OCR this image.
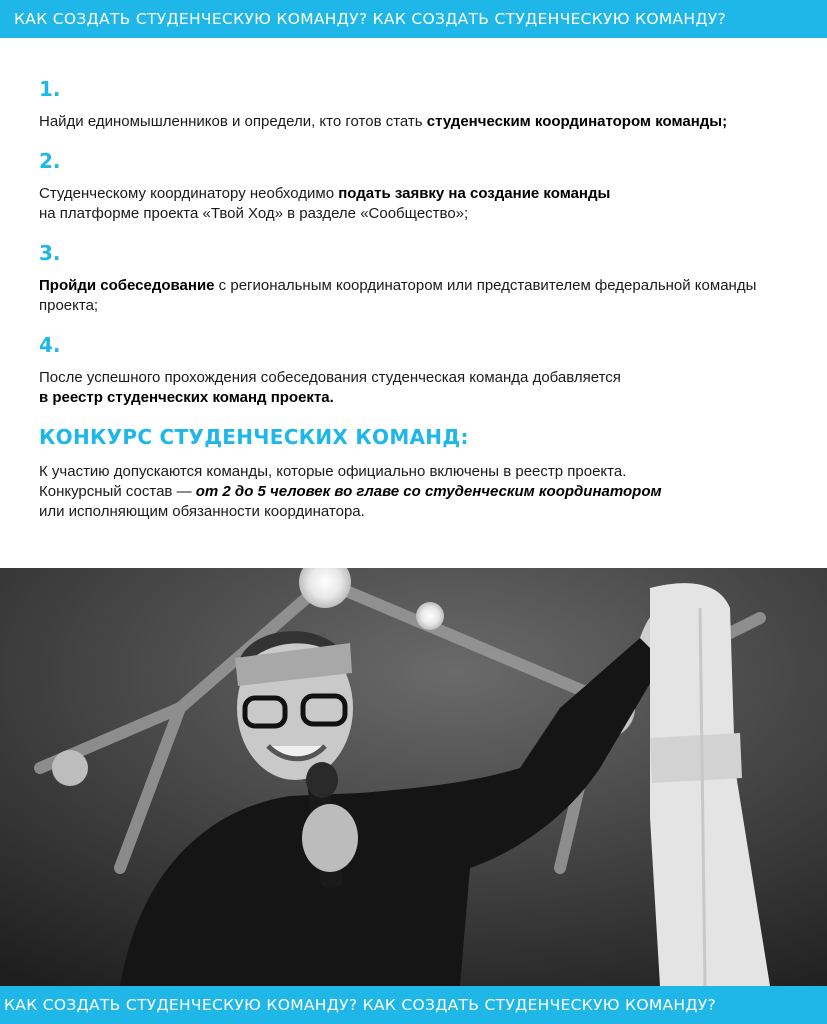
КАК СОЗДАТЬ СТУДЕНЧЕСКУЮ КОМАНДУ? КАК СОЗДАТЬ СТУДЕНЧЕСКУЮ КОМАНДУ?
1.
Найди единомышленников и определи, кто готов стать студенческим координатором команды;
2.
Студенческому координатору необходимо подать заявку на создание команды
на платформе проекта «Твой Ход» в разделе «Сообщество»;
3.
Пройди собеседование с региональным координатором или представителем федеральной команды проекта;
4.
После успешного прохождения собеседования студенческая команда добавляется
в реестр студенческих команд проекта.
КОНКУРС СТУДЕНЧЕСКИХ КОМАНД:
К участию допускаются команды, которые официально включены в реестр проекта.
Конкурсный состав — от 2 до 5 человек во главе со студенческим координатором
или исполняющим обязанности координатора.
КАК СОЗДАТЬ СТУДЕНЧЕСКУЮ КОМАНДУ? КАК СОЗДАТЬ СТУДЕНЧЕСКУЮ КОМАНДУ?
